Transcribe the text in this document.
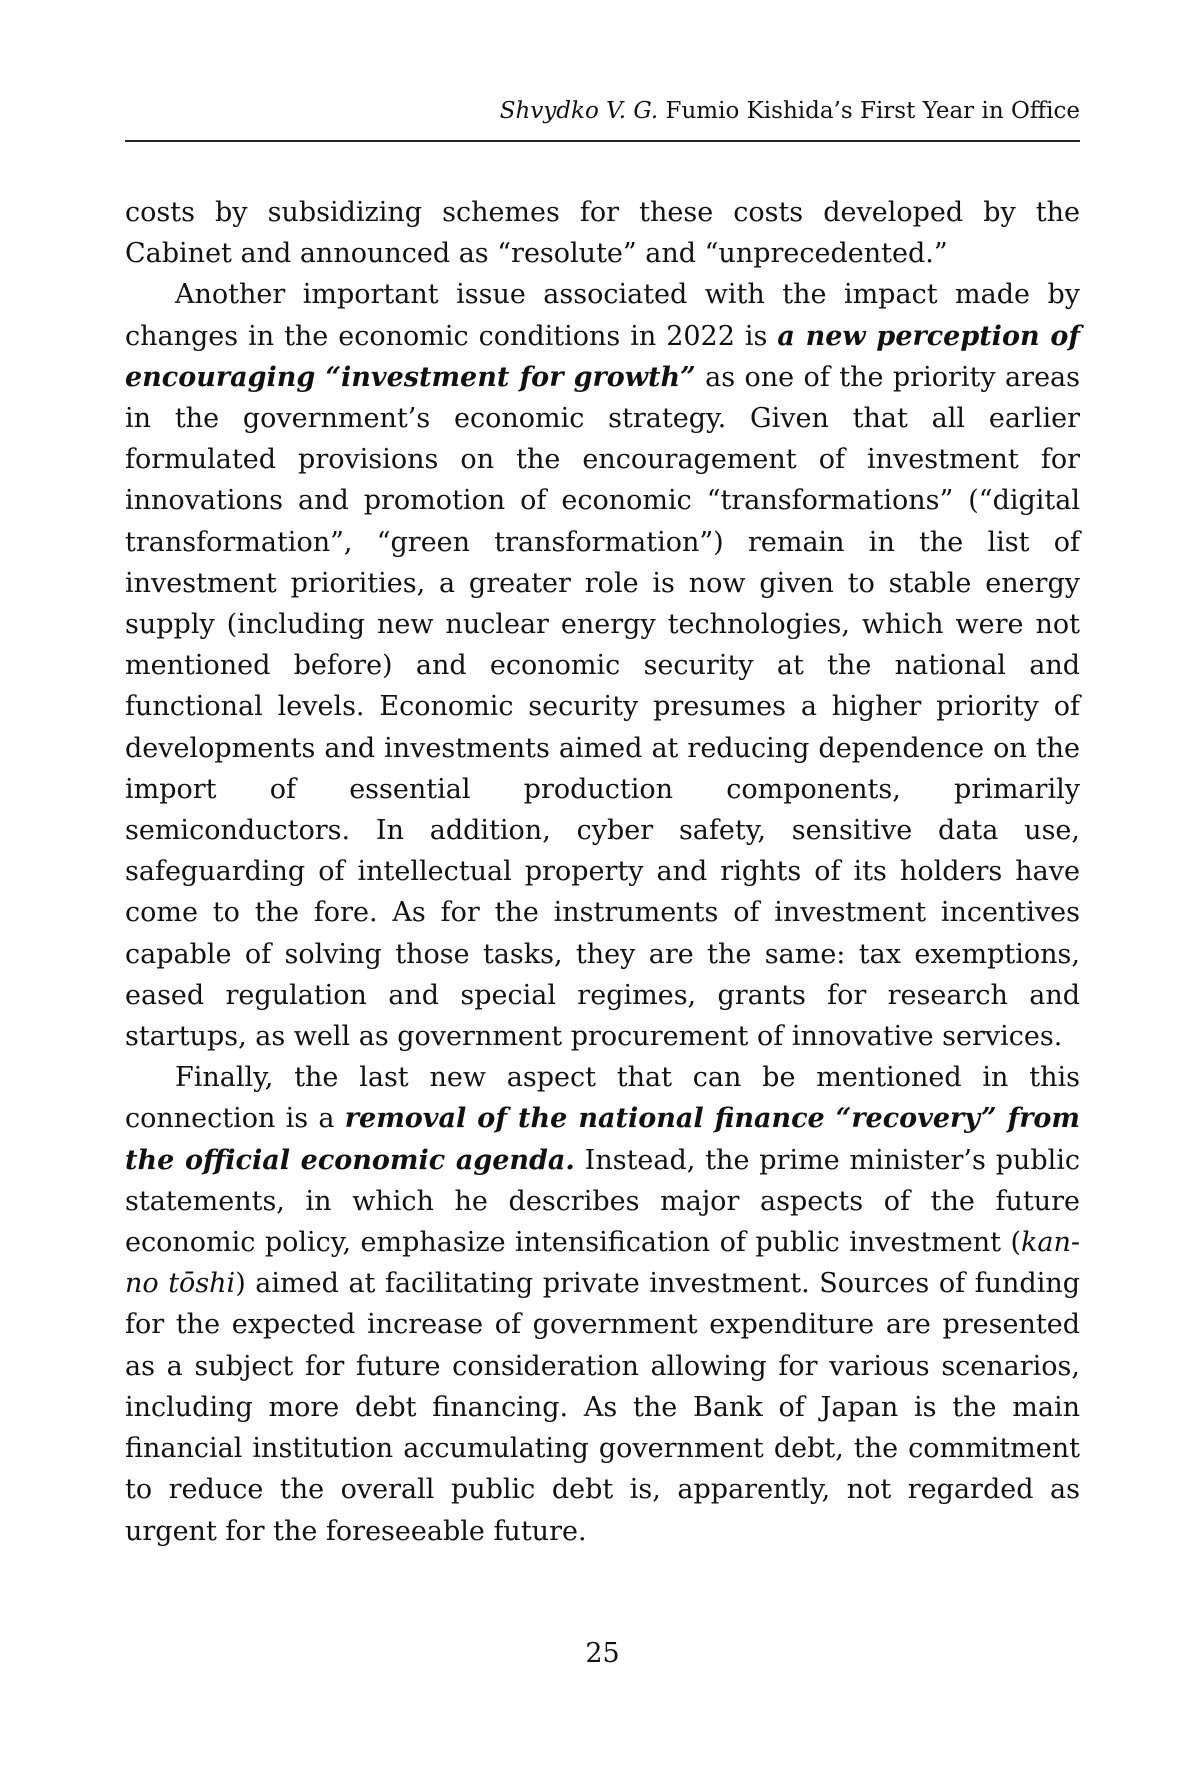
Shvydko V. G. Fumio Kishida’s First Year in Office

costs by subsidizing schemes for these costs developed by the Cabinet and announced as “resolute” and “unprecedented.”

Another important issue associated with the impact made by changes in the economic conditions in 2022 is a new perception of encouraging “investment for growth” as one of the priority areas in the government’s economic strategy. Given that all earlier formulated provisions on the encouragement of investment for innovations and promotion of economic “transformations” (“digital transformation”, “green transformation”) remain in the list of investment priorities, a greater role is now given to stable energy supply (including new nuclear energy technologies, which were not mentioned before) and economic security at the national and functional levels. Economic security presumes a higher priority of developments and investments aimed at reducing dependence on the import of essential production components, primarily semiconductors. In addition, cyber safety, sensitive data use, safeguarding of intellectual property and rights of its holders have come to the fore. As for the instruments of investment incentives capable of solving those tasks, they are the same: tax exemptions, eased regulation and special regimes, grants for research and startups, as well as government procurement of innovative services.

Finally, the last new aspect that can be mentioned in this connection is a removal of the national finance “recovery” from the official economic agenda. Instead, the prime minister’s public statements, in which he describes major aspects of the future economic policy, emphasize intensification of public investment (kan-no tōshi) aimed at facilitating private investment. Sources of funding for the expected increase of government expenditure are presented as a subject for future consideration allowing for various scenarios, including more debt financing. As the Bank of Japan is the main financial institution accumulating government debt, the commitment to reduce the overall public debt is, apparently, not regarded as urgent for the foreseeable future.

25
